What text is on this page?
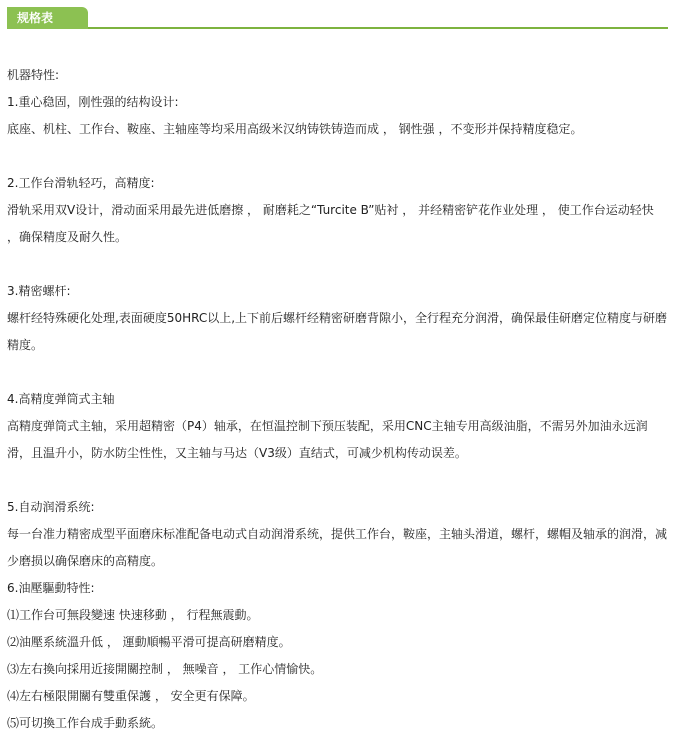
规格表
机器特性:
1.重心稳固，刚性强的结构设计:
底座、机柱、工作台、鞍座、主轴座等均采用高级米汉纳铸铁铸造而成 ， 钢性强 ，不变形并保持精度稳定。
2.工作台滑轨轻巧，高精度:
滑轨采用双V设计，滑动面采用最先进低磨擦 ， 耐磨耗之“Turcite B”贴衬 ， 并经精密铲花作业处理 ， 使工作台运动轻快 ，确保精度及耐久性。
3.精密螺杆:
螺杆经特殊硬化处理,表面硬度50HRC以上,上下前后螺杆经精密研磨背隙小，全行程充分润滑，确保最佳研磨定位精度与研磨精度。
4.高精度弹筒式主轴
高精度弹筒式主轴，采用超精密（P4）轴承，在恒温控制下预压装配，采用CNC主轴专用高级油脂，不需另外加油永远润滑，且温升小，防水防尘性性，又主轴与马达（V3级）直结式，可减少机构传动误差。
5.自动润滑系统:
每一台准力精密成型平面磨床标准配备电动式自动润滑系统，提供工作台，鞍座，主轴头滑道，螺杆，螺帽及轴承的润滑，减少磨损以确保磨床的高精度。
6.油壓驅動特性:
⑴工作台可無段變速 快速移動 ， 行程無震動。
⑵油壓系統溫升低 ， 運動順暢平滑可提高研磨精度。
⑶左右換向採用近接開關控制 ， 無噪音 ， 工作心情愉快。
⑷左右極限開關有雙重保護 ， 安全更有保障。
⑸可切換工作台成手動系統。
